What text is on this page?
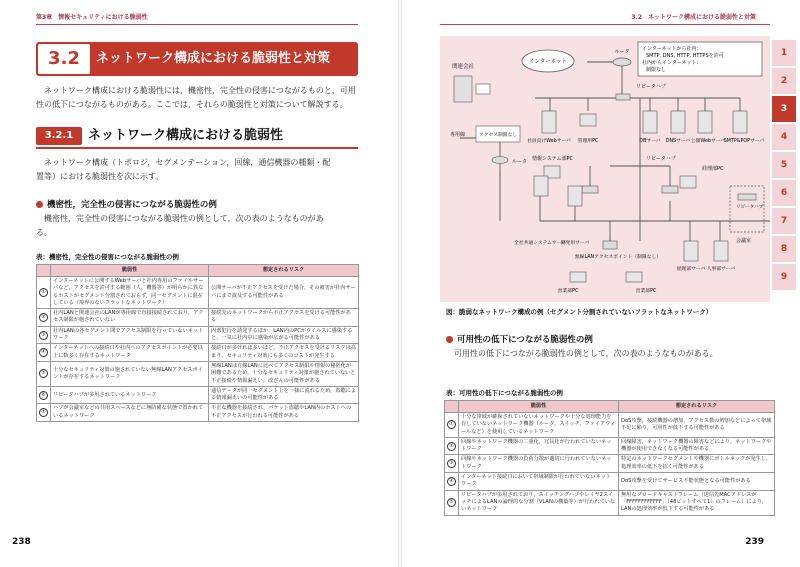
第3章　情報セキュリティにおける脆弱性
3.2	ネットワーク構成における脆弱性と対策
ネットワーク構成における脆弱性には，機密性，完全性の侵害につながるものと，可用性の低下につながるものがある。ここでは，それらの脆弱性と対策について解説する。
3.2.1	ネットワーク構成における脆弱性
ネットワーク構成（トポロジ，セグメンテーション，回線，通信機器の種類・配置等）における脆弱性を次に示す。
機密性，完全性の侵害につながる脆弱性の例
機密性，完全性の侵害につながる脆弱性の例として，次の表のようなものがある。
表：機密性，完全性の侵害につながる脆弱性の例
	脆弱性	想定されるリスク
①	インターネットに公開するWebサーバと社内専用のファイルサーバなど，アクセスを許可する範囲（人，機器等）が明らかに異なるホストがセグメント分割されておらず，同一セグメントに混在している（境界のないフラットなネットワーク）	公開サーバが不正アクセスを受けた場合，その被害が社内サーバにまで波及する可能性がある
②	社内LANと関連会社のLANが専用線で直接接続されており，アクセス制限が施されていない	接続先のネットワークから不正アクセスを受ける可能性がある
③	社内LANの各セグメント間でアクセス制限を行っていないネットワーク	内部犯行を誘発するほか，LAN内のPCがウイルスに感染すると，一気に社内中に感染が広がる可能性がある
④	インターネットへの接続口や社内へのアクセスポイントが必要以上に数多く存在するネットワーク	接続口が多ければ多いほど，不正アクセスを受けるリスクは高まり，セキュリティ対策にも多くのコストが発生する
⑤	十分なセキュリティ対策の施されていない無線LANアクセスポイントが存在するネットワーク	無線LANは有線LANに比べてアクセス制限や情報の秘匿化が困難であるため，十分なセキュリティ対策が施されていないと不正接続や情報漏えい，改ざんの可能性がある
⑥	リピータハブが多用されているネットワーク	通信データが同一セグメント上を一様に流れるため，盗聴による情報漏えいの可能性がある
⑦	ハブが会議室などの共用スペースなどに無防備な状態で置かれているネットワーク	不正な機器を接続され，パケット盗聴やLAN内のホストへの不正アクセスが行われる可能性がある
238
3.2　ネットワーク構成における脆弱性と対策
1
2
3
4
5
6
7
8
9
インターネット
ルータ インターネットから社内：
SMTP, DNS, HTTP, HTTPSを許可
社内からインターネット：
制限なし
リピータハブ
関連会社
専用線	アクセス制限なし
ルータ
社員向けWebサーバ 管理用PC	DBサーバ DNSサーバ 公開Webサーバ
SMTP&POPサーバ
情報システム部PC	リピータハブ
経理部PC
リピータハブ
会議室
全社共通システムサーバ
開発用サーバ
無線LANアクセスポイント（制限なし）
経理部サーバ 人事部サーバ
営業部PC	営業部PC
図：脆弱なネットワーク構成の例（セグメント分割されていないフラットなネットワーク）
可用性の低下につながる脆弱性の例
可用性の低下につながる脆弱性の例として，次の表のようなものがある。
表：可用性の低下につながる脆弱性の例
	脆弱性	想定されるリスク
①	十分な帯域が確保されていないネットワークや十分な処理能力を有していないネットワーク機器（ルータ，スイッチ，ファイアウォールなど）を使用しているネットワーク	DoS攻撃，接続機器の増加，アクセス数の増加などによって帯域不足に陥り，可用性が低下する可能性がある
②	回線やネットワーク機器の二重化，冗長化が行われていないネットワーク	回線障害，ネットワーク機器の障害などにより，ネットワークや機器が使用できなくなる可能性がある
③	回線やネットワーク機器の負荷分散が適切に行われていないネットワーク	特定のネットワークセグメントや機器にボトルネックが発生し，処理効率の低下を招く可能性がある
④	インターネット接続口において帯域制限が行われていないネットワーク	DoS攻撃を受けてサービス不能状態となる可能性がある
⑤	リピータハブが多用されており，スイッチングハブやレイヤ2スイッチによるLANの論理的な分割（VLANの構築等）が行われていないネットワーク	無用なブロードキャストフレーム（送信先MACアドレスが「FFFFFFFFFFFF」（48ビットすべて1）のフレーム）により，LANの処理効率が低下する可能性がある
239
